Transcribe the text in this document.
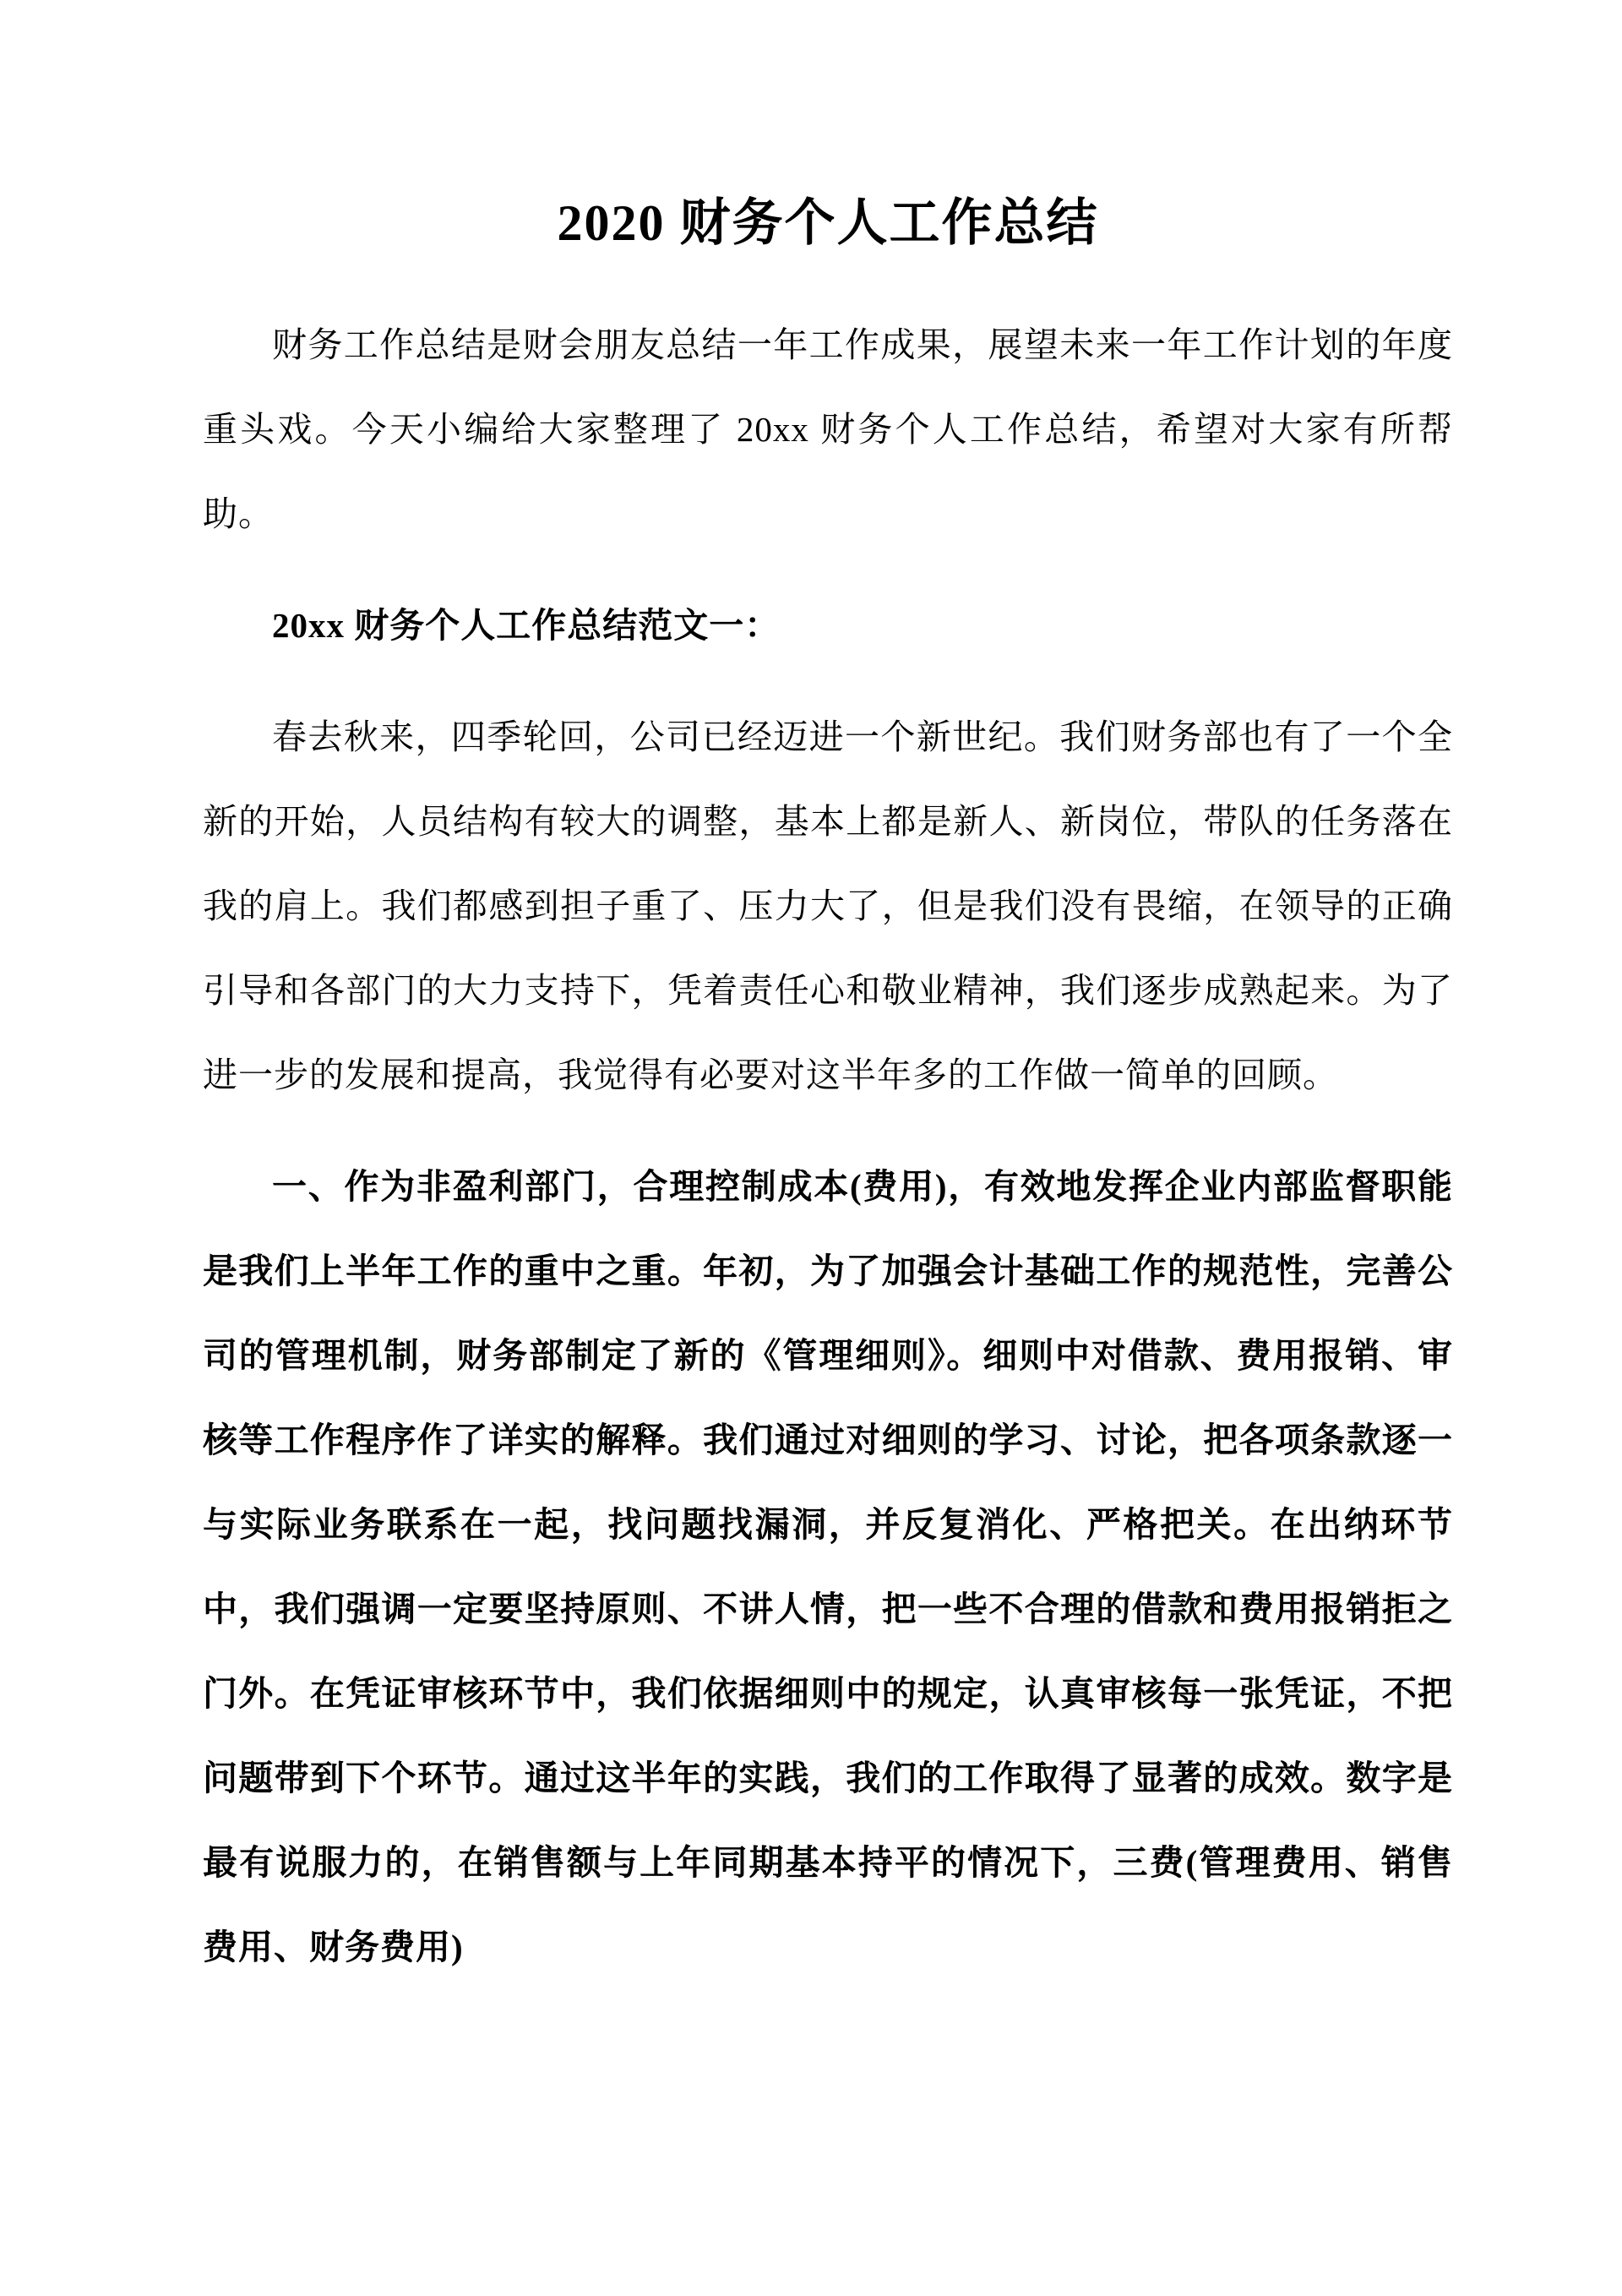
2020 财务个人工作总结

财务工作总结是财会朋友总结一年工作成果，展望未来一年工作计划的年度重头戏。今天小编给大家整理了 20xx 财务个人工作总结，希望对大家有所帮助。

20xx 财务个人工作总结范文一：

春去秋来，四季轮回，公司已经迈进一个新世纪。我们财务部也有了一个全新的开始，人员结构有较大的调整，基本上都是新人、新岗位，带队的任务落在我的肩上。我们都感到担子重了、压力大了，但是我们没有畏缩，在领导的正确引导和各部门的大力支持下，凭着责任心和敬业精神，我们逐步成熟起来。为了进一步的发展和提高，我觉得有必要对这半年多的工作做一简单的回顾。

一、作为非盈利部门，合理控制成本(费用)，有效地发挥企业内部监督职能是我们上半年工作的重中之重。年初，为了加强会计基础工作的规范性，完善公司的管理机制，财务部制定了新的《管理细则》。细则中对借款、费用报销、审核等工作程序作了详实的解释。我们通过对细则的学习、讨论，把各项条款逐一与实际业务联系在一起，找问题找漏洞，并反复消化、严格把关。在出纳环节中，我们强调一定要坚持原则、不讲人情，把一些不合理的借款和费用报销拒之门外。在凭证审核环节中，我们依据细则中的规定，认真审核每一张凭证，不把问题带到下个环节。通过这半年的实践，我们的工作取得了显著的成效。数字是最有说服力的，在销售额与上年同期基本持平的情况下，三费(管理费用、销售费用、财务费用)
